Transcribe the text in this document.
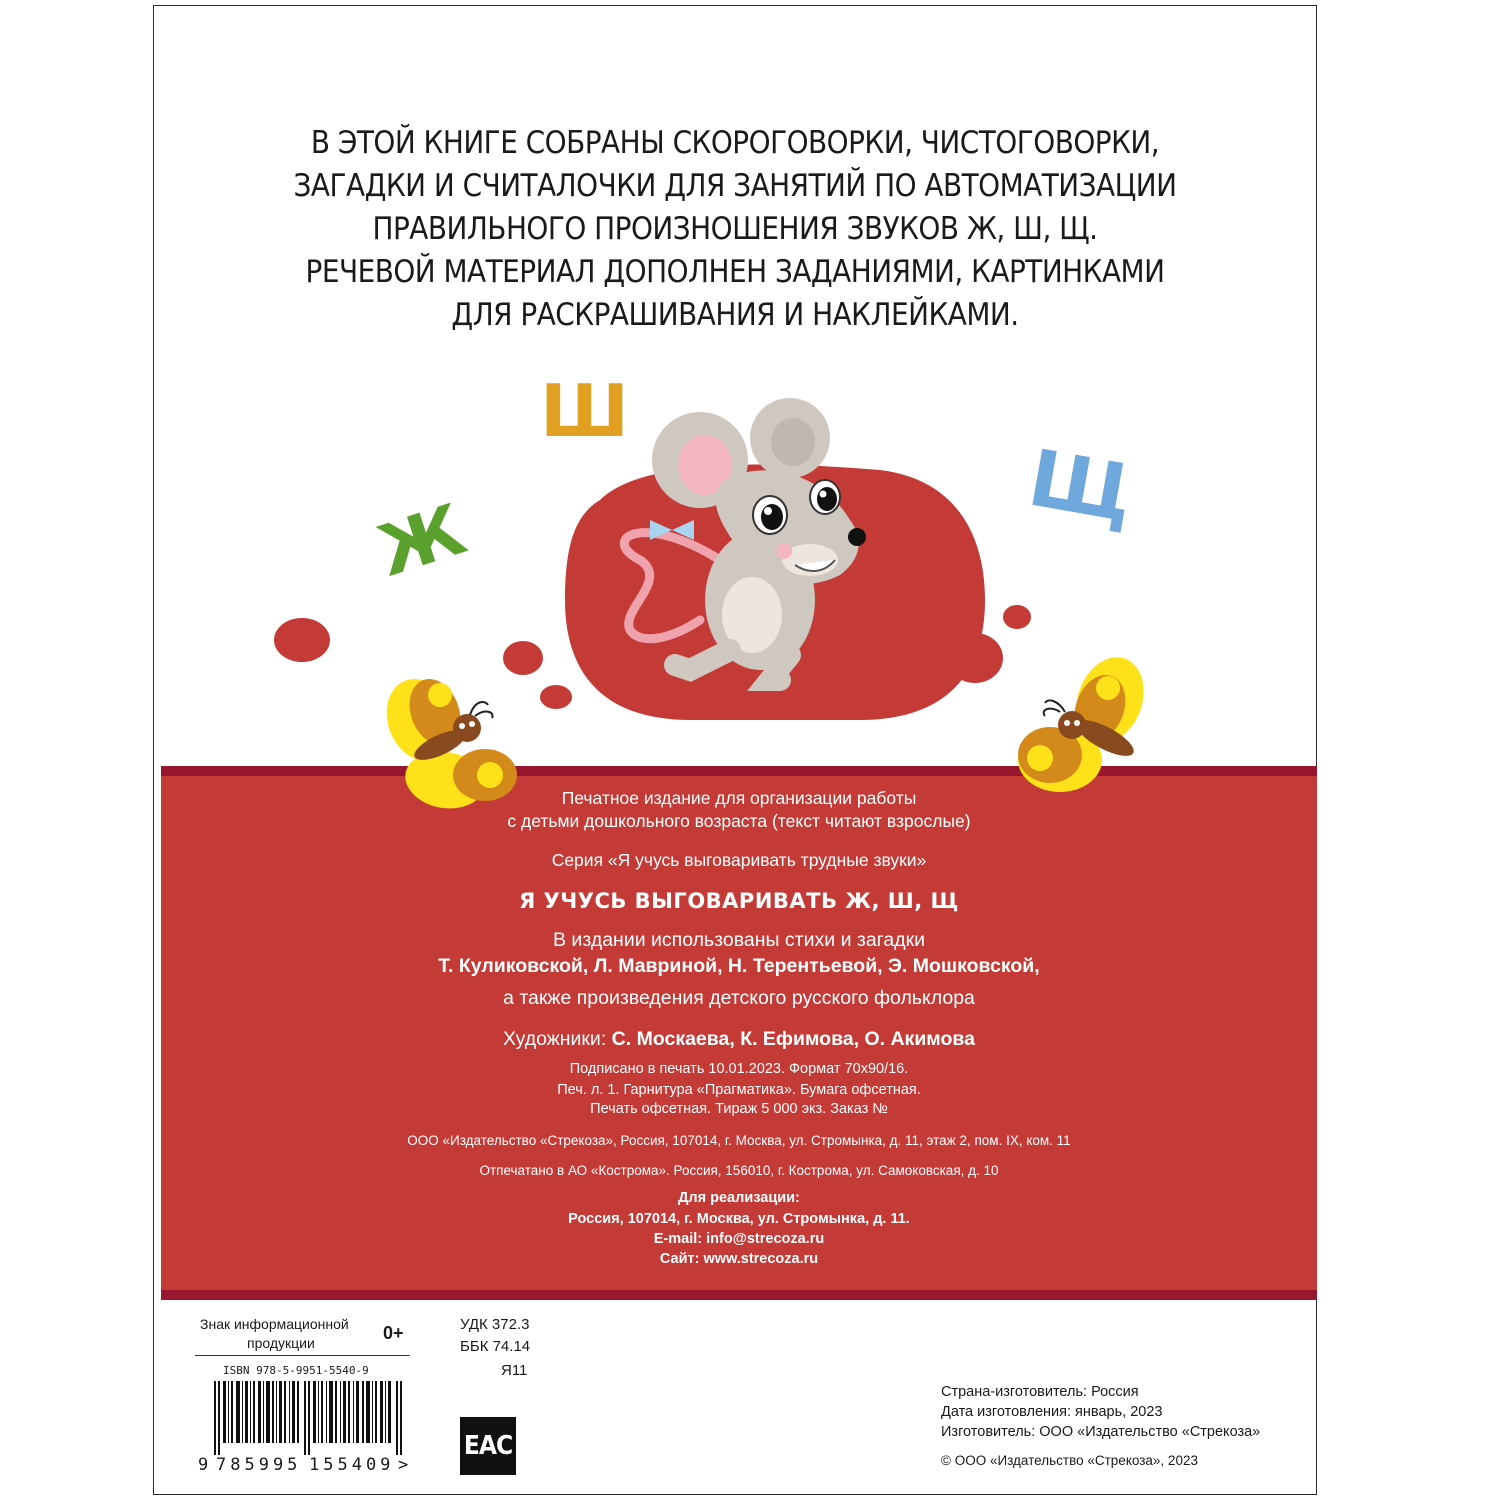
В ЭТОЙ КНИГЕ СОБРАНЫ СКОРОГОВОРКИ, ЧИСТОГОВОРКИ,
ЗАГАДКИ И СЧИТАЛОЧКИ ДЛЯ ЗАНЯТИЙ ПО АВТОМАТИЗАЦИИ
ПРАВИЛЬНОГО ПРОИЗНОШЕНИЯ ЗВУКОВ Ж, Ш, Щ.
РЕЧЕВОЙ МАТЕРИАЛ ДОПОЛНЕН ЗАДАНИЯМИ, КАРТИНКАМИ
ДЛЯ РАСКРАШИВАНИЯ И НАКЛЕЙКАМИ.
Ж
Ш
Щ
Печатное издание для организации работы
с детьми дошкольного возраста (текст читают взрослые)
Серия «Я учусь выговаривать трудные звуки»
Я УЧУСЬ ВЫГОВАРИВАТЬ Ж, Ш, Щ
В издании использованы стихи и загадки
Т. Куликовской, Л. Мавриной, Н. Терентьевой, Э. Мошковской,
а также произведения детского русского фольклора
Художники: С. Москаева, К. Ефимова, О. Акимова
Подписано в печать 10.01.2023. Формат 70х90/16.
Печ. л. 1. Гарнитура «Прагматика». Бумага офсетная.
Печать офсетная. Тираж 5 000 экз. Заказ №
ООО «Издательство «Стрекоза», Россия, 107014, г. Москва, ул. Стромынка, д. 11, этаж 2, пом. IX, ком. 11
Отпечатано в АО «Кострома». Россия, 156010, г. Кострома, ул. Самоковская, д. 10
Для реализации:
Россия, 107014, г. Москва, ул. Стромынка, д. 11.
E-mail: info@strecoza.ru
Сайт: www.strecoza.ru
Знак информационной
продукции	0+	УДК 372.3
ББК 74.14
Я11
ISBN 978-5-9951-5540-9
9 785995 155409 >
EAC
Страна-изготовитель: Россия
Дата изготовления: январь, 2023
Изготовитель: ООО «Издательство «Стрекоза»
© ООО «Издательство «Стрекоза», 2023
